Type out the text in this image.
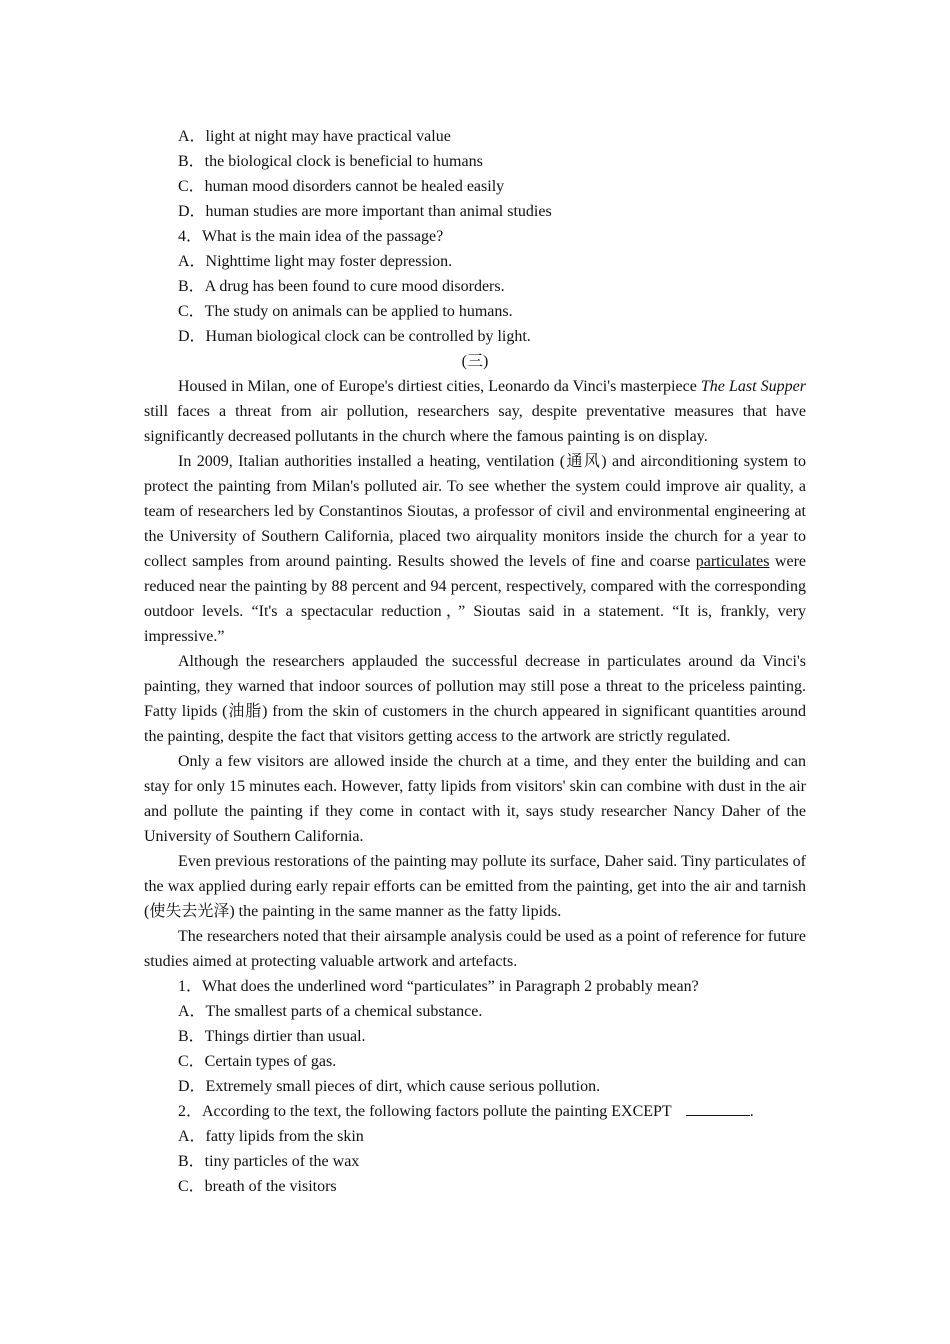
A．light at night may have practical value

B．the biological clock is beneficial to humans

C．human mood disorders cannot be healed easily

D．human studies are more important than animal studies

4．What is the main idea of the passage?

A．Nighttime light may foster depression.

B．A drug has been found to cure mood disorders.

C．The study on animals can be applied to humans.

D．Human biological clock can be controlled by light.

(三)

Housed in Milan, one of Europe's dirtiest cities, Leonardo da Vinci's masterpiece The Last Supper still faces a threat from air pollution, researchers say, despite preventative measures that have significantly decreased pollutants in the church where the famous painting is on display.

In 2009, Italian authorities installed a heating, ventilation (通风) and airconditioning system to protect the painting from Milan's polluted air. To see whether the system could improve air quality, a team of researchers led by Constantinos Sioutas, a professor of civil and environmental engineering at the University of Southern California, placed two airquality monitors inside the church for a year to collect samples from around painting. Results showed the levels of fine and coarse particulates were reduced near the painting by 88 percent and 94 percent, respectively, compared with the corresponding outdoor levels. “It's a spectacular reduction，” Sioutas said in a statement. “It is, frankly, very impressive.”

Although the researchers applauded the successful decrease in particulates around da Vinci's painting, they warned that indoor sources of pollution may still pose a threat to the priceless painting. Fatty lipids (油脂) from the skin of customers in the church appeared in significant quantities around the painting, despite the fact that visitors getting access to the artwork are strictly regulated.

Only a few visitors are allowed inside the church at a time, and they enter the building and can stay for only 15 minutes each. However, fatty lipids from visitors' skin can combine with dust in the air and pollute the painting if they come in contact with it, says study researcher Nancy Daher of the University of Southern California.

Even previous restorations of the painting may pollute its surface, Daher said. Tiny particulates of the wax applied during early repair efforts can be emitted from the painting, get into the air and tarnish (使失去光泽) the painting in the same manner as the fatty lipids.

The researchers noted that their airsample analysis could be used as a point of reference for future studies aimed at protecting valuable artwork and artefacts.

1．What does the underlined word “particulates” in Paragraph 2 probably mean?

A．The smallest parts of a chemical substance.

B．Things dirtier than usual.

C．Certain types of gas.

D．Extremely small pieces of dirt, which cause serious pollution.

2．According to the text, the following factors pollute the painting EXCEPT	.

A．fatty lipids from the skin

B．tiny particles of the wax

C．breath of the visitors
